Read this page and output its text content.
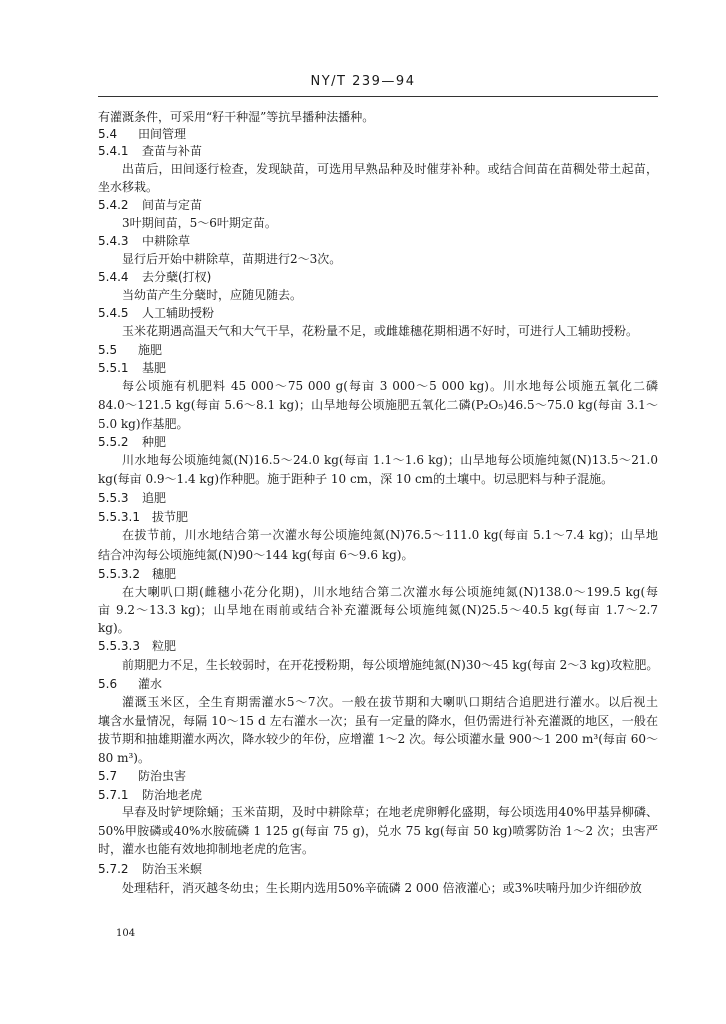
NY/T 239—94
有灌溉条件，可采用“籽干种湿”等抗旱播种法播种。
5.4 田间管理
5.4.1 查苗与补苗
出苗后，田间逐行检查，发现缺苗，可选用早熟品种及时催芽补种。或结合间苗在苗稠处带土起苗，
坐水移栽。
5.4.2 间苗与定苗
3叶期间苗，5～6叶期定苗。
5.4.3 中耕除草
显行后开始中耕除草，苗期进行2～3次。
5.4.4 去分蘖(打杈)
当幼苗产生分蘖时，应随见随去。
5.4.5 人工辅助授粉
玉米花期遇高温天气和大气干旱，花粉量不足，或雌雄穗花期相遇不好时，可进行人工辅助授粉。
5.5 施肥
5.5.1 基肥
每公顷施有机肥料 45 000～75 000 g(每亩 3 000～5 000 kg)。川水地每公顷施五氧化二磷
84.0～121.5 kg(每亩 5.6～8.1 kg)；山旱地每公顷施肥五氧化二磷(P₂O₅)46.5～75.0 kg(每亩 3.1～
5.0 kg)作基肥。
5.5.2 种肥
川水地每公顷施纯氮(N)16.5～24.0 kg(每亩 1.1～1.6 kg)；山旱地每公顷施纯氮(N)13.5～21.0
kg(每亩 0.9～1.4 kg)作种肥。施于距种子 10 cm，深 10 cm的土壤中。切忌肥料与种子混施。
5.5.3 追肥
5.5.3.1 拔节肥
在拔节前，川水地结合第一次灌水每公顷施纯氮(N)76.5～111.0 kg(每亩 5.1～7.4 kg)；山旱地
结合冲沟每公顷施纯氮(N)90～144 kg(每亩 6～9.6 kg)。
5.5.3.2 穗肥
在大喇叭口期(雌穗小花分化期)，川水地结合第二次灌水每公顷施纯氮(N)138.0～199.5 kg(每
亩 9.2～13.3 kg)；山旱地在雨前或结合补充灌溉每公顷施纯氮(N)25.5～40.5 kg(每亩 1.7～2.7
kg)。
5.5.3.3 粒肥
前期肥力不足，生长较弱时，在开花授粉期，每公顷增施纯氮(N)30～45 kg(每亩 2～3 kg)攻粒肥。
5.6 灌水
灌溉玉米区，全生育期需灌水5～7次。一般在拔节期和大喇叭口期结合追肥进行灌水。以后视土
壤含水量情况，每隔 10～15 d 左右灌水一次；虽有一定量的降水，但仍需进行补充灌溉的地区，一般在
拔节期和抽雄期灌水两次，降水较少的年份，应增灌 1～2 次。每公顷灌水量 900～1 200 m³(每亩 60～
80 m³)。
5.7 防治虫害
5.7.1 防治地老虎
早春及时铲埂除蛹；玉米苗期，及时中耕除草；在地老虎卵孵化盛期，每公顷选用40%甲基异柳磷、
50%甲胺磷或40%水胺硫磷 1 125 g(每亩 75 g)，兑水 75 kg(每亩 50 kg)喷雾防治 1～2 次；虫害严
时，灌水也能有效地抑制地老虎的危害。
5.7.2 防治玉米螟
处理秸秆，消灭越冬幼虫；生长期内选用50%辛硫磷 2 000 倍液灌心；或3%呋喃丹加少许细砂放
104
